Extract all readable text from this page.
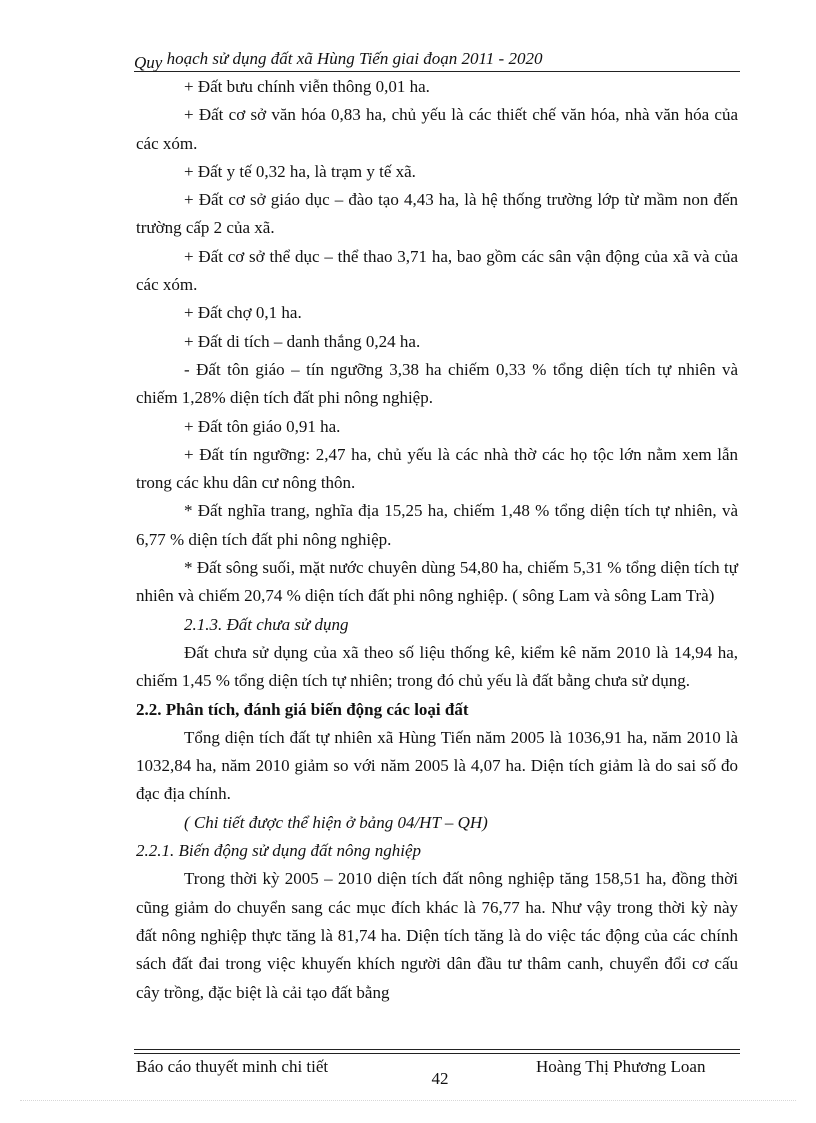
Quy hoạch sử dụng đất xã Hùng Tiến giai đoạn 2011 - 2020

+ Đất bưu chính viễn thông 0,01 ha.

+ Đất cơ sở văn hóa 0,83 ha, chủ yếu là các thiết chế văn hóa, nhà văn hóa của các xóm.

+ Đất y tế 0,32 ha, là trạm y tế xã.

+ Đất cơ sở giáo dục – đào tạo 4,43 ha, là hệ thống trường lớp từ mầm non đến trường cấp 2 của xã.

+ Đất cơ sở thể dục – thể thao 3,71 ha, bao gồm các sân vận động của xã và của các xóm.

+ Đất chợ 0,1 ha.

+ Đất di tích – danh thắng 0,24 ha.

- Đất tôn giáo – tín ngưỡng 3,38 ha chiếm 0,33 % tổng diện tích tự nhiên và chiếm 1,28% diện tích đất phi nông nghiệp.

+ Đất tôn giáo 0,91 ha.

+ Đất tín ngưỡng: 2,47 ha, chủ yếu là các nhà thờ các họ tộc lớn nằm xem lẫn trong các khu dân cư nông thôn.

* Đất nghĩa trang, nghĩa địa 15,25 ha, chiếm 1,48 % tổng diện tích tự nhiên, và 6,77 % diện tích đất phi nông nghiệp.

* Đất sông suối, mặt nước chuyên dùng 54,80 ha, chiếm 5,31 % tổng diện tích tự nhiên và chiếm 20,74 % diện tích đất phi nông nghiệp. ( sông Lam và sông Lam Trà)

2.1.3. Đất chưa sử dụng

Đất chưa sử dụng của xã theo số liệu thống kê, kiểm kê năm 2010 là 14,94 ha, chiếm 1,45 % tổng diện tích tự nhiên; trong đó chủ yếu là đất bằng chưa sử dụng.

2.2. Phân tích, đánh giá biến động các loại đất

Tổng diện tích đất tự nhiên xã Hùng Tiến năm 2005 là 1036,91 ha, năm 2010 là 1032,84 ha, năm 2010 giảm so với năm 2005 là 4,07 ha. Diện tích giảm là do sai số đo đạc địa chính.

( Chi tiết được thể hiện ở bảng 04/HT – QH)

2.2.1. Biến động sử dụng đất nông nghiệp

Trong thời kỳ 2005 – 2010 diện tích đất nông nghiệp tăng 158,51 ha, đồng thời cũng giảm do chuyển sang các mục đích khác là 76,77 ha. Như vậy trong thời kỳ này đất nông nghiệp thực tăng là 81,74 ha. Diện tích tăng là do việc tác động của các chính sách đất đai trong việc khuyến khích người dân đầu tư thâm canh, chuyển đổi cơ cấu cây trồng, đặc biệt là cải tạo đất bằng

Báo cáo thuyết minh chi tiết	Hoàng Thị Phương Loan
42
